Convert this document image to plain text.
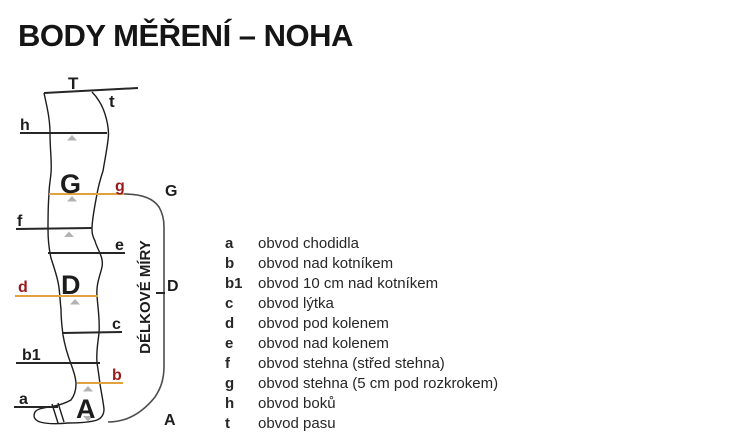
BODY MĚŘENÍ – NOHA
T
t
h
G g
f
e
D
d
c
b1
b
a A
G
D
A
DÉLKOVÉ MÍRY	a	obvod chodidla
b	obvod nad kotníkem
b1	obvod 10 cm nad kotníkem
c	obvod lýtka
d	obvod pod kolenem
e	obvod nad kolenem
f	obvod stehna (střed stehna)
g	obvod stehna (5 cm pod rozkrokem)
h	obvod boků
t	obvod pasu
